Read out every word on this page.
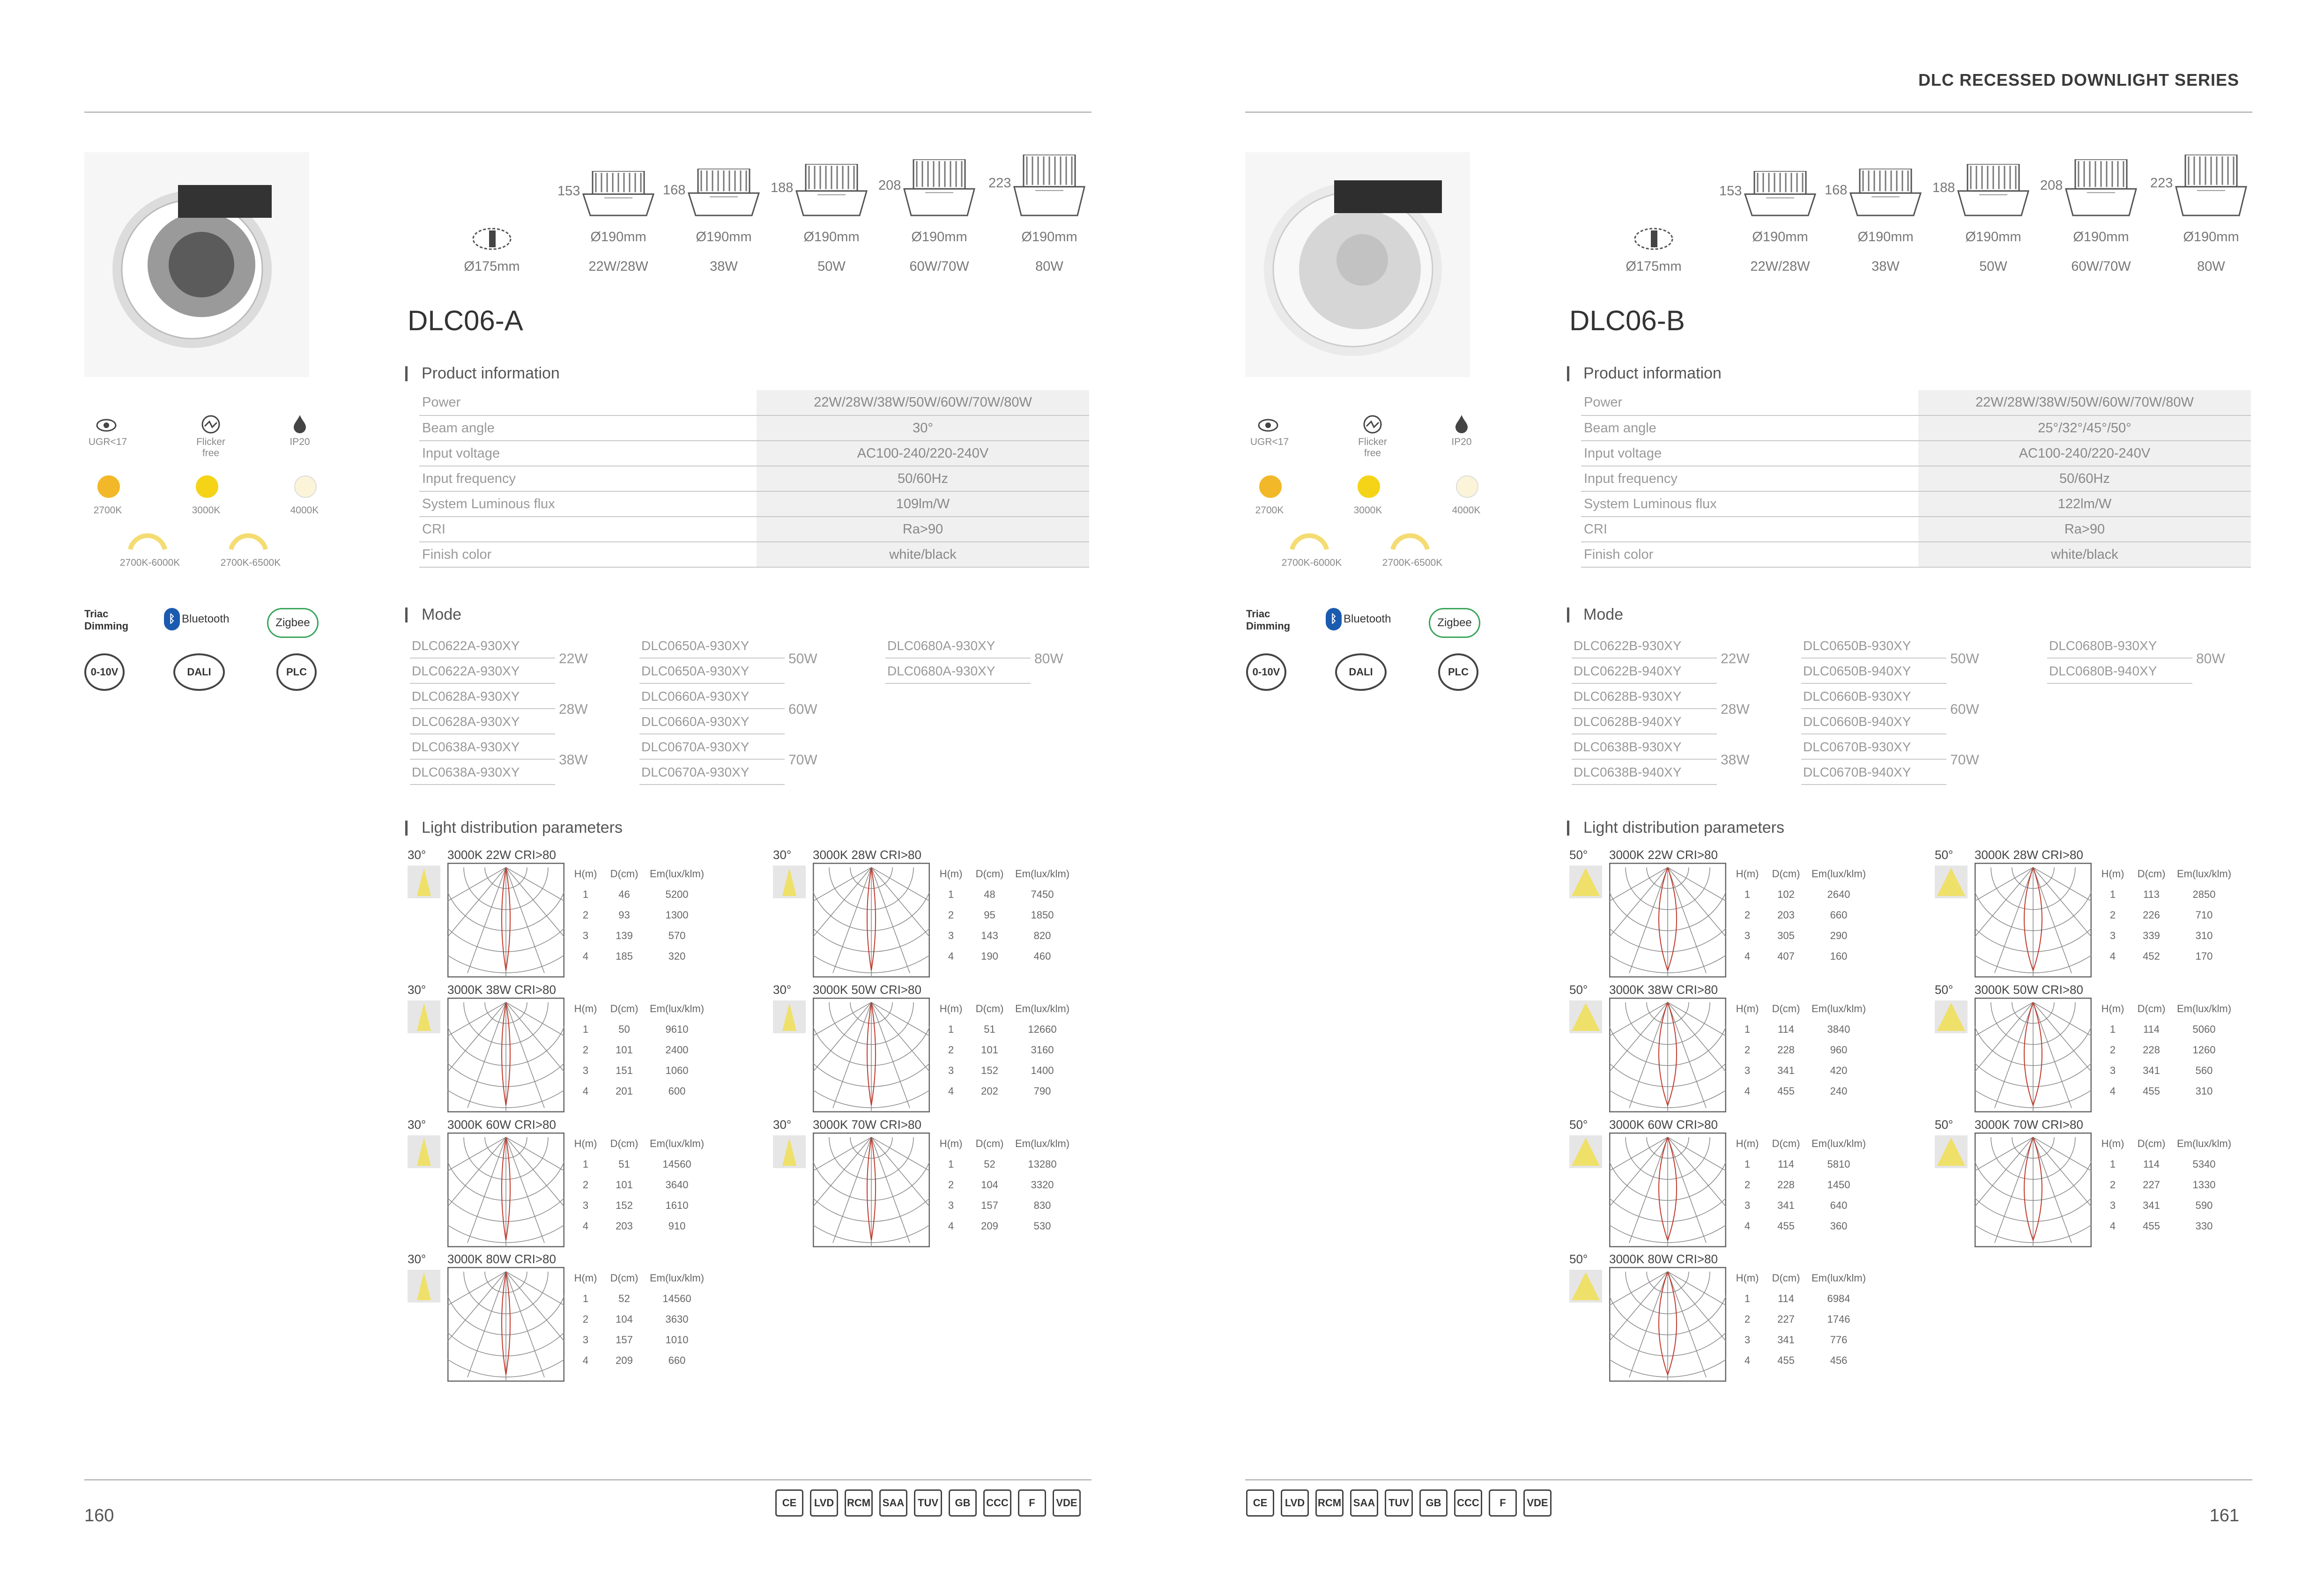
DLC RECESSED DOWNLIGHT SERIES
160
UGR<17	Flicker free
IP20
2700K	3000K	4000K
2700K-6000K	2700K-6500K
Triac Dimming
ᛒ Bluetooth	Zigbee
0-10V	DALI	PLC
Ø175mm
153
Ø190mm
22W/28W
168
Ø190mm
38W
188
Ø190mm
50W
208
Ø190mm
60W/70W
223
Ø190mm
80W
DLC06-A
Product information
Power	22W/28W/38W/50W/60W/70W/80W
Beam angle	30°
Input voltage	AC100-240/220-240V
Input frequency	50/60Hz
System Luminous flux	109lm/W
CRI	Ra>90
Finish color	white/black
Mode
DLC0622A-930XY
DLC0622A-930XY
22W
DLC0628A-930XY
DLC0628A-930XY
28W
DLC0638A-930XY
DLC0638A-930XY
38W
DLC0650A-930XY
DLC0650A-930XY
50W
DLC0660A-930XY
DLC0660A-930XY
60W
DLC0670A-930XY
DLC0670A-930XY
70W
DLC0680A-930XY
DLC0680A-930XY
80W
Light distribution parameters
30° 3000K 22W CRI>80
H(m)	D(cm)	Em(lux/klm)
1	46	5200
2	93	1300
3	139	570
4	185	320
30° 3000K 28W CRI>80
H(m)	D(cm)	Em(lux/klm)
1	48	7450
2	95	1850
3	143	820
4	190	460
30° 3000K 38W CRI>80
H(m)	D(cm)	Em(lux/klm)
1	50	9610
2	101	2400
3	151	1060
4	201	600
30° 3000K 50W CRI>80
H(m)	D(cm)	Em(lux/klm)
1	51	12660
2	101	3160
3	152	1400
4	202	790
30° 3000K 60W CRI>80
H(m)	D(cm)	Em(lux/klm)
1	51	14560
2	101	3640
3	152	1610
4	203	910
30° 3000K 70W CRI>80
H(m)	D(cm)	Em(lux/klm)
1	52	13280
2	104	3320
3	157	830
4	209	530
30° 3000K 80W CRI>80
H(m)	D(cm)	Em(lux/klm)
1	52	14560
2	104	3630
3	157	1010
4	209	660
CE	LVD	RCM	SAA	TUV	GB	CCC	F	VDE
161
UGR<17	Flicker free
IP20
2700K	3000K	4000K
2700K-6000K	2700K-6500K
Triac Dimming
ᛒ Bluetooth	Zigbee
0-10V	DALI	PLC
Ø175mm
153
Ø190mm
22W/28W
168
Ø190mm
38W
188
Ø190mm
50W
208
Ø190mm
60W/70W
223
Ø190mm
80W
DLC06-B
Product information
Power	22W/28W/38W/50W/60W/70W/80W
Beam angle	25°/32°/45°/50°
Input voltage	AC100-240/220-240V
Input frequency	50/60Hz
System Luminous flux	122lm/W
CRI	Ra>90
Finish color	white/black
Mode
DLC0622B-930XY
DLC0622B-940XY
22W
DLC0628B-930XY
DLC0628B-940XY
28W
DLC0638B-930XY
DLC0638B-940XY
38W
DLC0650B-930XY
DLC0650B-940XY
50W
DLC0660B-930XY
DLC0660B-940XY
60W
DLC0670B-930XY
DLC0670B-940XY
70W
DLC0680B-930XY
DLC0680B-940XY
80W
Light distribution parameters
50° 3000K 22W CRI>80
H(m)	D(cm)	Em(lux/klm)
1	102	2640
2	203	660
3	305	290
4	407	160
50° 3000K 28W CRI>80
H(m)	D(cm)	Em(lux/klm)
1	113	2850
2	226	710
3	339	310
4	452	170
50° 3000K 38W CRI>80
H(m)	D(cm)	Em(lux/klm)
1	114	3840
2	228	960
3	341	420
4	455	240
50° 3000K 50W CRI>80
H(m)	D(cm)	Em(lux/klm)
1	114	5060
2	228	1260
3	341	560
4	455	310
50° 3000K 60W CRI>80
H(m)	D(cm)	Em(lux/klm)
1	114	5810
2	228	1450
3	341	640
4	455	360
50° 3000K 70W CRI>80
H(m)	D(cm)	Em(lux/klm)
1	114	5340
2	227	1330
3	341	590
4	455	330
50° 3000K 80W CRI>80
H(m)	D(cm)	Em(lux/klm)
1	114	6984
2	227	1746
3	341	776
4	455	456
CE	LVD	RCM	SAA	TUV	GB	CCC	F	VDE
